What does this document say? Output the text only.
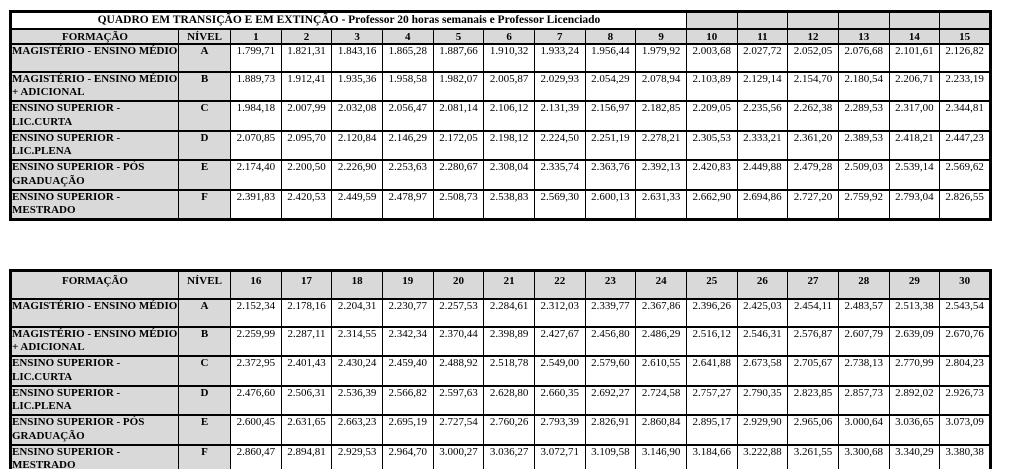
QUADRO EM TRANSIÇÃO E EM EXTINÇÃO - Professor 20 horas semanais e Professor Licenciado																
FORMAÇÃO	NÍVEL	1	2	3	4	5	6	7	8	9	10	11	12	13	14	15
MAGISTÉRIO - ENSINO MÉDIO	A	1.799,71	1.821,31	1.843,16	1.865,28	1.887,66	1.910,32	1.933,24	1.956,44	1.979,92	2.003,68	2.027,72	2.052,05	2.076,68	2.101,61	2.126,82
MAGISTÉRIO - ENSINO MÉDIO + ADICIONAL	B	1.889,73	1.912,41	1.935,36	1.958,58	1.982,07	2.005,87	2.029,93	2.054,29	2.078,94	2.103,89	2.129,14	2.154,70	2.180,54	2.206,71	2.233,19
ENSINO SUPERIOR - LIC.CURTA	C	1.984,18	2.007,99	2.032,08	2.056,47	2.081,14	2.106,12	2.131,39	2.156,97	2.182,85	2.209,05	2.235,56	2.262,38	2.289,53	2.317,00	2.344,81
ENSINO SUPERIOR - LIC.PLENA	D	2.070,85	2.095,70	2.120,84	2.146,29	2.172,05	2.198,12	2.224,50	2.251,19	2.278,21	2.305,53	2.333,21	2.361,20	2.389,53	2.418,21	2.447,23
ENSINO SUPERIOR - PÓS GRADUAÇÃO	E	2.174,40	2.200,50	2.226,90	2.253,63	2.280,67	2.308,04	2.335,74	2.363,76	2.392,13	2.420,83	2.449,88	2.479,28	2.509,03	2.539,14	2.569,62
ENSINO SUPERIOR - MESTRADO	F	2.391,83	2.420,53	2.449,59	2.478,97	2.508,73	2.538,83	2.569,30	2.600,13	2.631,33	2.662,90	2.694,86	2.727,20	2.759,92	2.793,04	2.826,55
FORMAÇÃO	NÍVEL	16	17	18	19	20	21	22	23	24	25	26	27	28	29	30
MAGISTÉRIO - ENSINO MÉDIO	A	2.152,34	2.178,16	2.204,31	2.230,77	2.257,53	2.284,61	2.312,03	2.339,77	2.367,86	2.396,26	2.425,03	2.454,11	2.483,57	2.513,38	2.543,54
MAGISTÉRIO - ENSINO MÉDIO + ADICIONAL	B	2.259,99	2.287,11	2.314,55	2.342,34	2.370,44	2.398,89	2.427,67	2.456,80	2.486,29	2.516,12	2.546,31	2.576,87	2.607,79	2.639,09	2.670,76
ENSINO SUPERIOR - LIC.CURTA	C	2.372,95	2.401,43	2.430,24	2.459,40	2.488,92	2.518,78	2.549,00	2.579,60	2.610,55	2.641,88	2.673,58	2.705,67	2.738,13	2.770,99	2.804,23
ENSINO SUPERIOR - LIC.PLENA	D	2.476,60	2.506,31	2.536,39	2.566,82	2.597,63	2.628,80	2.660,35	2.692,27	2.724,58	2.757,27	2.790,35	2.823,85	2.857,73	2.892,02	2.926,73
ENSINO SUPERIOR - PÓS GRADUAÇÃO	E	2.600,45	2.631,65	2.663,23	2.695,19	2.727,54	2.760,26	2.793,39	2.826,91	2.860,84	2.895,17	2.929,90	2.965,06	3.000,64	3.036,65	3.073,09
ENSINO SUPERIOR - MESTRADO	F	2.860,47	2.894,81	2.929,53	2.964,70	3.000,27	3.036,27	3.072,71	3.109,58	3.146,90	3.184,66	3.222,88	3.261,55	3.300,68	3.340,29	3.380,38
